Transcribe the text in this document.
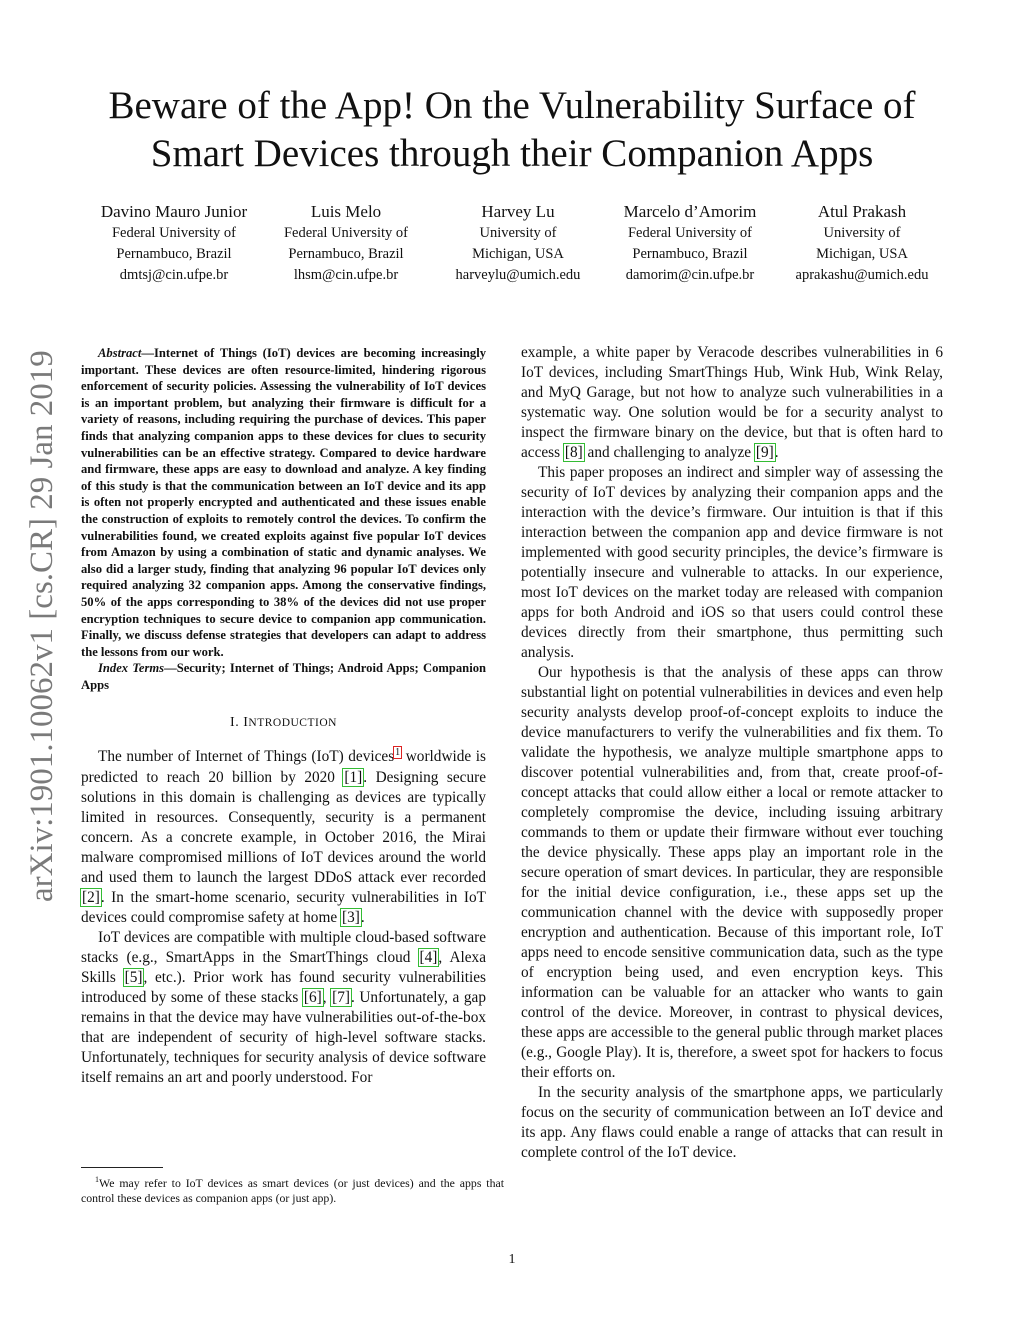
arXiv:1901.10062v1 [cs.CR] 29 Jan 2019
Beware of the App! On the Vulnerability Surface of
Smart Devices through their Companion Apps
Davino Mauro Junior
Federal University of
Pernambuco, Brazil
dmtsj@cin.ufpe.br
Luis Melo
Federal University of
Pernambuco, Brazil
lhsm@cin.ufpe.br
Harvey Lu
University of
Michigan, USA
harveylu@umich.edu
Marcelo d’Amorim
Federal University of
Pernambuco, Brazil
damorim@cin.ufpe.br
Atul Prakash
University of
Michigan, USA
aprakashu@umich.edu

Abstract—Internet of Things (IoT) devices are becoming increasingly important. These devices are often resource-limited, hindering rigorous enforcement of security policies. Assessing the vulnerability of IoT devices is an important problem, but analyzing their firmware is difficult for a variety of reasons, including requiring the purchase of devices. This paper finds that analyzing companion apps to these devices for clues to security vulnerabilities can be an effective strategy. Compared to device hardware and firmware, these apps are easy to download and analyze. A key finding of this study is that the communication between an IoT device and its app is often not properly encrypted and authenticated and these issues enable the construction of exploits to remotely control the devices. To confirm the vulnerabilities found, we created exploits against five popular IoT devices from Amazon by using a combination of static and dynamic analyses. We also did a larger study, finding that analyzing 96 popular IoT devices only required analyzing 32 companion apps. Among the conservative findings, 50% of the apps corresponding to 38% of the devices did not use proper encryption techniques to secure device to companion app communication. Finally, we discuss defense strategies that developers can adapt to address the lessons from our work.

Index Terms—Security; Internet of Things; Android Apps; Companion Apps

I. INTRODUCTION

The number of Internet of Things (IoT) devices$^1$ worldwide is predicted to reach 20 billion by 2020 [1]. Designing secure solutions in this domain is challenging as devices are typically limited in resources. Consequently, security is a permanent concern. As a concrete example, in October 2016, the Mirai malware compromised millions of IoT devices around the world and used them to launch the largest DDoS attack ever recorded [2]. In the smart-home scenario, security vulnerabilities in IoT devices could compromise safety at home [3].

IoT devices are compatible with multiple cloud-based software stacks (e.g., SmartApps in the SmartThings cloud [4], Alexa Skills [5], etc.). Prior work has found security vulnerabilities introduced by some of these stacks [6], [7]. Unfortunately, a gap remains in that the device may have vulnerabilities out-of-the-box that are independent of security of high-level software stacks. Unfortunately, techniques for security analysis of device software itself remains an art and poorly understood. For

example, a white paper by Veracode describes vulnerabilities in 6 IoT devices, including SmartThings Hub, Wink Hub, Wink Relay, and MyQ Garage, but not how to analyze such vulnerabilities in a systematic way. One solution would be for a security analyst to inspect the firmware binary on the device, but that is often hard to access [8] and challenging to analyze [9].

This paper proposes an indirect and simpler way of assessing the security of IoT devices by analyzing their companion apps and the interaction with the device’s firmware. Our intuition is that if this interaction between the companion app and device firmware is not implemented with good security principles, the device’s firmware is potentially insecure and vulnerable to attacks. In our experience, most IoT devices on the market today are released with companion apps for both Android and iOS so that users could control these devices directly from their smartphone, thus permitting such analysis.

Our hypothesis is that the analysis of these apps can throw substantial light on potential vulnerabilities in devices and even help security analysts develop proof-of-concept exploits to induce the device manufacturers to verify the vulnerabilities and fix them. To validate the hypothesis, we analyze multiple smartphone apps to discover potential vulnerabilities and, from that, create proof-of-concept attacks that could allow either a local or remote attacker to completely compromise the device, including issuing arbitrary commands to them or update their firmware without ever touching the device physically. These apps play an important role in the secure operation of smart devices. In particular, they are responsible for the initial device configuration, i.e., these apps set up the communication channel with the device with supposedly proper encryption and authentication. Because of this important role, IoT apps need to encode sensitive communication data, such as the type of encryption being used, and even encryption keys. This information can be valuable for an attacker who wants to gain control of the device. Moreover, in contrast to physical devices, these apps are accessible to the general public through market places (e.g., Google Play). It is, therefore, a sweet spot for hackers to focus their efforts on.

In the security analysis of the smartphone apps, we particularly focus on the security of communication between an IoT device and its app. Any flaws could enable a range of attacks that can result in complete control of the IoT device.

$^1$We may refer to IoT devices as smart devices (or just devices) and the apps that control these devices as companion apps (or just app).
1
